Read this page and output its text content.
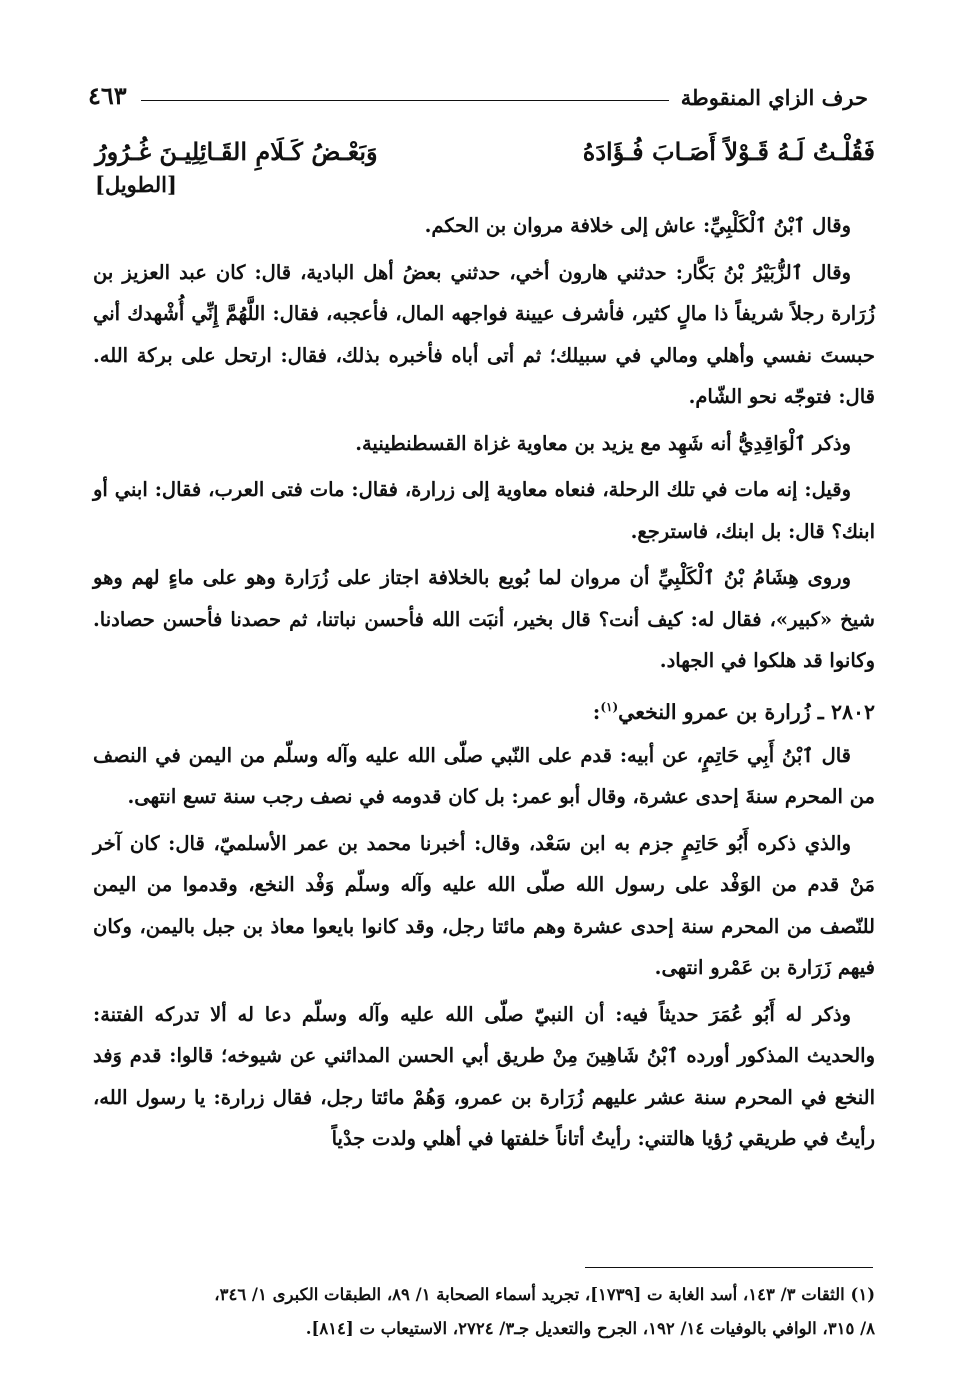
حرف الزاي المنقوطة
٤٦٣
فَقُلْـتُ لَـهُ قَـوْلاً أَصَـابَ فُـؤَادَهُ
وَبَعْـضُ كَـلَامِ القَـائِلِيـنَ غُـرُورُ
[الطويل]

وقال ٱبْنُ ٱلْكَلْبِيِّ: عاش إلى خلافة مروان بن الحكم.

وقال ٱلزُّبَيْرُ بْنُ بَكَّار: حدثني هارون أخي، حدثني بعضُ أهل البادية، قال: كان عبد العزيز بن زُرَارة رجلاً شريفاً ذا مالٍ كثير، فأشرف عيينة فواجهه المال، فأعجبه، فقال: اللَّهُمَّ إِنِّي أُشْهدك أني حبستَ نفسي وأهلي ومالي في سبيلك؛ ثم أتى أباه فأخبره بذلك، فقال: ارتحل على بركة الله. قال: فتوجّه نحو الشّام.

وذكر ٱلْوَاقِدِيُّ أنه شَهِد مع يزيد بن معاوية غزاة القسطنطينية.

وقيل: إنه مات في تلك الرحلة، فنعاه معاوية إلى زرارة، فقال: مات فتى العرب، فقال: ابني أو ابنك؟ قال: بل ابنك، فاسترجع.

وروى هِشَامُ بْنُ ٱلْكَلْبِيِّ أن مروان لما بُويع بالخلافة اجتاز على زُرَارة وهو على ماءٍ لهم وهو شيخ «كبير»، فقال له: كيف أنت؟ قال بخير، أنبَت الله فأحسن نباتنا، ثم حصدنا فأحسن حصادنا. وكانوا قد هلكوا في الجهاد.

٢٨٠٢ ـ زُرارة بن عمرو النخعي$^{(١)}$:

قال ٱبْنُ أَبِي حَاتِمٍ، عن أبيه: قدم على النّبي صلّى الله عليه وآله وسلّم من اليمن في النصف من المحرم سنةَ إحدى عشرة، وقال أبو عمر: بل كان قدومه في نصف رجب سنة تسع انتهى.

والذي ذكره أَبُو حَاتِمٍ جزم به ابن سَعْد، وقال: أخبرنا محمد بن عمر الأسلميّ، قال: كان آخر مَنْ قدم من الوَفْد على رسول الله صلّى الله عليه وآله وسلّم وَفْد النخع، وقدموا من اليمن للنّصف من المحرم سنة إحدى عشرة وهم مائتا رجل، وقد كانوا بايعوا معاذ بن جبل باليمن، وكان فيهم زَرَارة بن عَمْرو انتهى.

وذكر له أَبُو عُمَرَ حديثاً فيه: أن النبيّ صلّى الله عليه وآله وسلّم دعا له ألا تدركه الفتنة: والحديث المذكور أورده ٱبْنُ شَاهِينَ مِنْ طريق أبي الحسن المدائني عن شيوخه؛ قالوا: قدم وَفد النخع في المحرم سنة عشر عليهم زُرَارة بن عمرو، وَهُمْ مائتا رجل، فقال زرارة: يا رسول الله، رأيتُ في طريقي رُؤيا هالتني: رأيتُ أتاناً خلفتها في أهلي ولدت جدْياً

(١) الثقات ٣/ ١٤٣، أسد الغابة ت [١٧٣٩]، تجريد أسماء الصحابة ١/ ٨٩، الطبقات الكبرى ١/ ٣٤٦،

٨/ ٣١٥، الوافي بالوفيات ١٤/ ١٩٢، الجرح والتعديل جـ٣/ ٢٧٢٤، الاستيعاب ت [٨١٤].
